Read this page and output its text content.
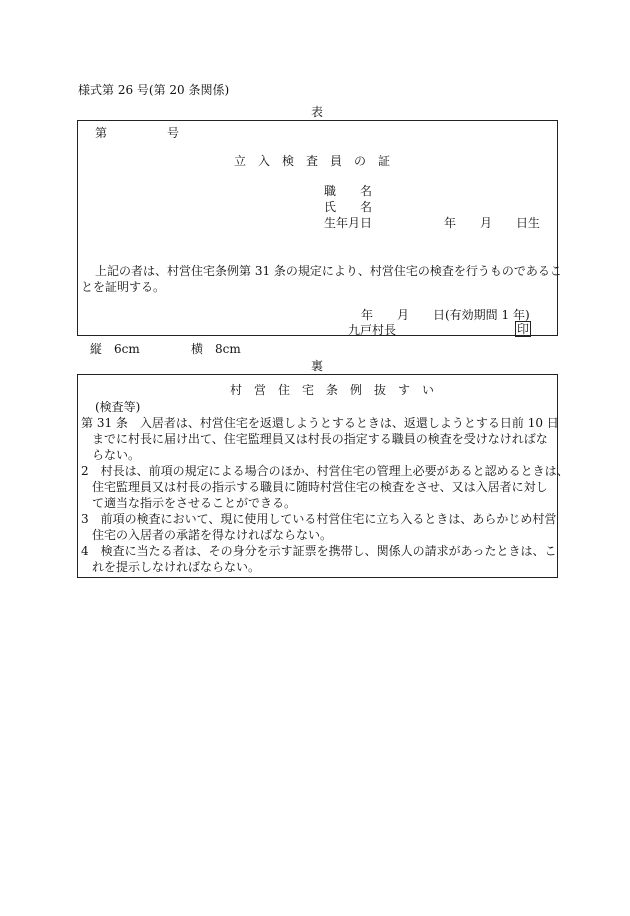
様式第 26 号(第 20 条関係)
表
第　　　　　号
立　入　検　査　員　の　証
職　　名
氏　　名
生年月日	年　　月　　日生
上記の者は、村営住宅条例第 31 条の規定により、村営住宅の検査を行うものであるこ
とを証明する。
年　　月　　日(有効期間 1 年)
九戸村長	印
縦　6cm	横　8cm
裏
村　営　住　宅　条　例　抜　す　い
(検査等)
第 31 条　入居者は、村営住宅を返還しようとするときは、返還しようとする日前 10 日
までに村長に届け出て、住宅監理員又は村長の指定する職員の検査を受けなければな
らない。
2　村長は、前項の規定による場合のほか、村営住宅の管理上必要があると認めるときは、
住宅監理員又は村長の指示する職員に随時村営住宅の検査をさせ、又は入居者に対し
て適当な指示をさせることができる。
3　前項の検査において、現に使用している村営住宅に立ち入るときは、あらかじめ村営
住宅の入居者の承諾を得なければならない。
4　検査に当たる者は、その身分を示す証票を携帯し、関係人の請求があったときは、こ
れを提示しなければならない。
